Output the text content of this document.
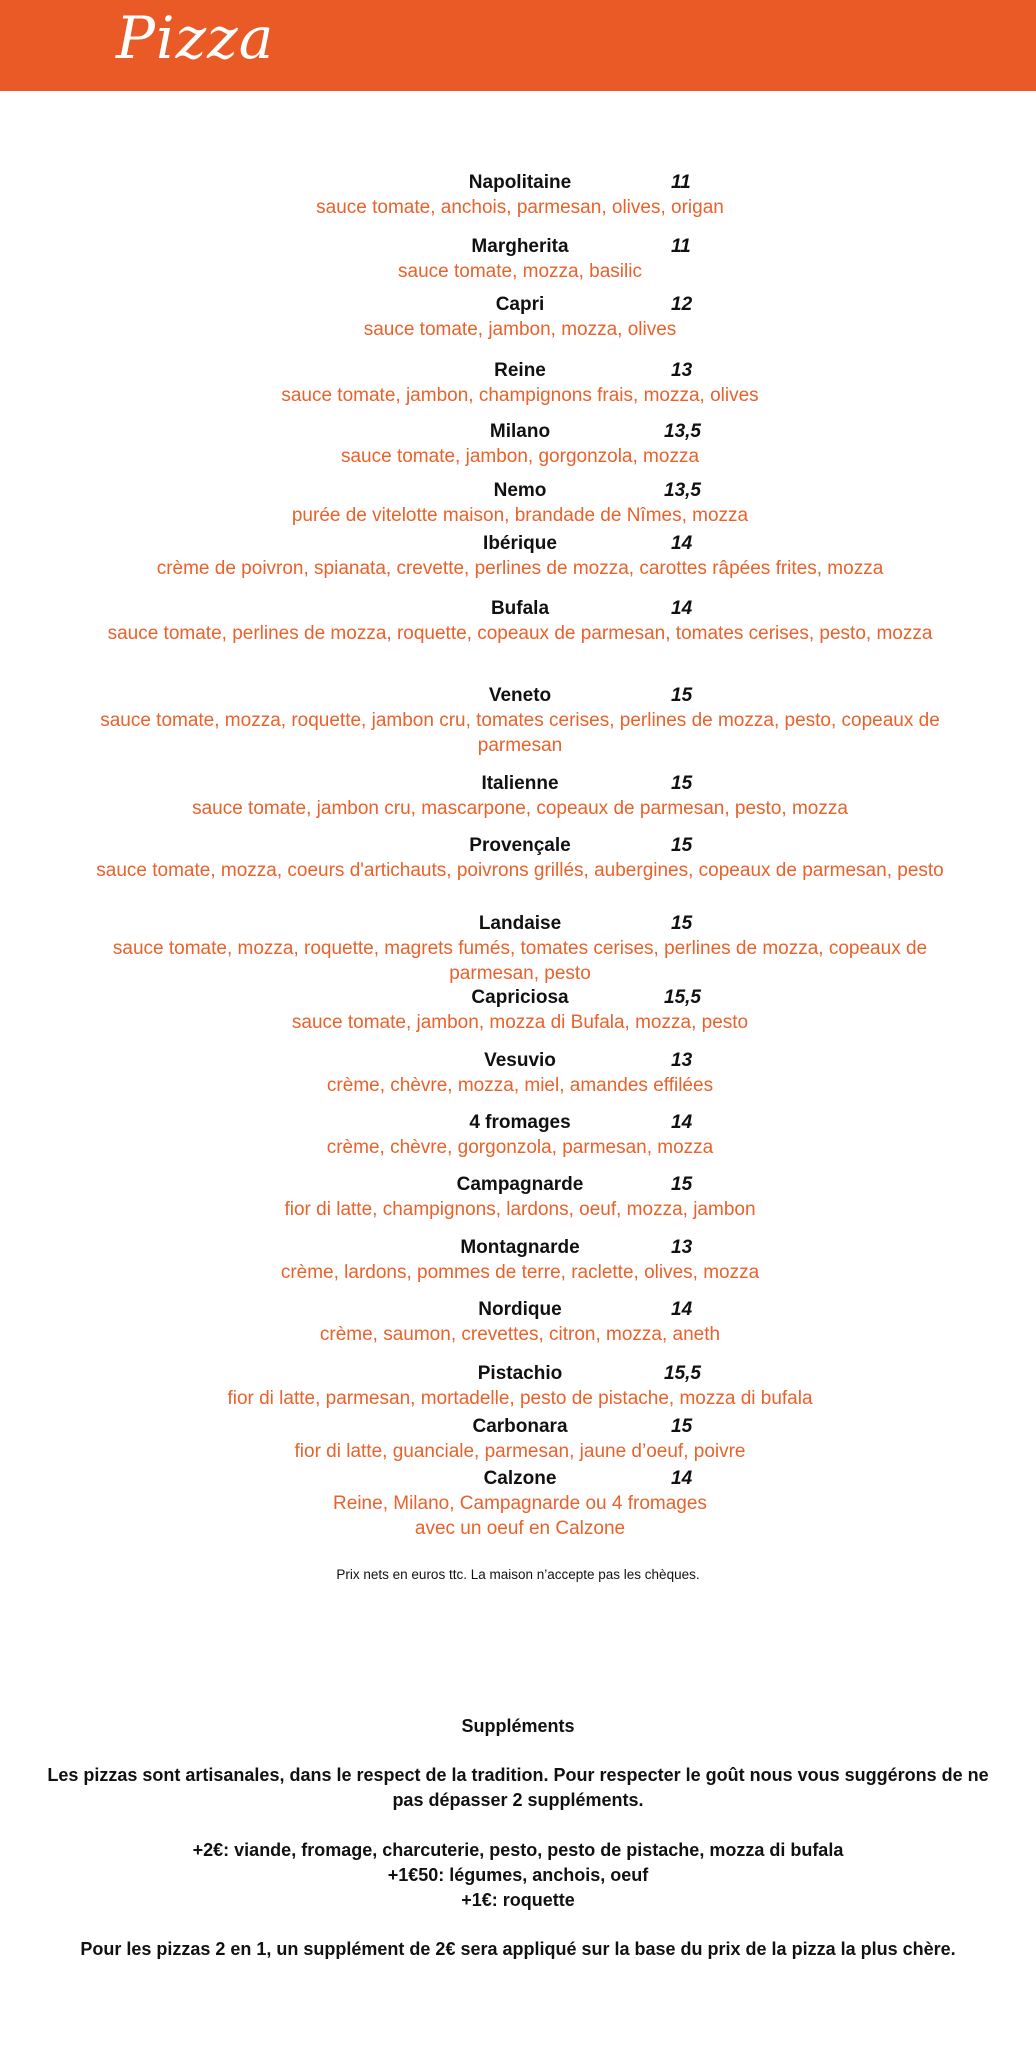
Pizza
Napolitaine	11
sauce tomate, anchois, parmesan, olives, origan
Margherita	11
sauce tomate, mozza, basilic
Capri	12
sauce tomate, jambon, mozza, olives
Reine	13
sauce tomate, jambon, champignons frais, mozza, olives
Milano	13,5
sauce tomate, jambon, gorgonzola, mozza
Nemo	13,5
purée de vitelotte maison, brandade de Nîmes, mozza
Ibérique	14
crème de poivron, spianata, crevette, perlines de mozza, carottes râpées frites, mozza
Bufala	14
sauce tomate, perlines de mozza, roquette, copeaux de parmesan, tomates cerises, pesto, mozza
Veneto	15
sauce tomate, mozza, roquette, jambon cru, tomates cerises, perlines de mozza, pesto, copeaux de parmesan
Italienne	15
sauce tomate, jambon cru, mascarpone, copeaux de parmesan, pesto, mozza
Provençale	15
sauce tomate, mozza, coeurs d'artichauts, poivrons grillés, aubergines, copeaux de parmesan, pesto
Landaise	15
sauce tomate, mozza, roquette, magrets fumés, tomates cerises, perlines de mozza, copeaux de parmesan, pesto
Capriciosa	15,5
sauce tomate, jambon, mozza di Bufala, mozza, pesto
Vesuvio	13
crème, chèvre, mozza, miel, amandes effilées
4 fromages	14
crème, chèvre, gorgonzola, parmesan, mozza
Campagnarde	15
fior di latte, champignons, lardons, oeuf, mozza, jambon
Montagnarde	13
crème, lardons, pommes de terre, raclette, olives, mozza
Nordique	14
crème, saumon, crevettes, citron, mozza, aneth
Pistachio	15,5
fior di latte, parmesan, mortadelle, pesto de pistache, mozza di bufala
Carbonara	15
fior di latte, guanciale, parmesan, jaune d’oeuf, poivre
Calzone	14
Reine, Milano, Campagnarde ou 4 fromages
avec un oeuf en Calzone
Prix nets en euros ttc. La maison n’accepte pas les chèques.
Suppléments
Les pizzas sont artisanales, dans le respect de la tradition. Pour respecter le goût nous vous suggérons de ne pas dépasser 2 suppléments.
+2€: viande, fromage, charcuterie, pesto, pesto de pistache, mozza di bufala
+1€50: légumes, anchois, oeuf
+1€: roquette
Pour les pizzas 2 en 1, un supplément de 2€ sera appliqué sur la base du prix de la pizza la plus chère.
